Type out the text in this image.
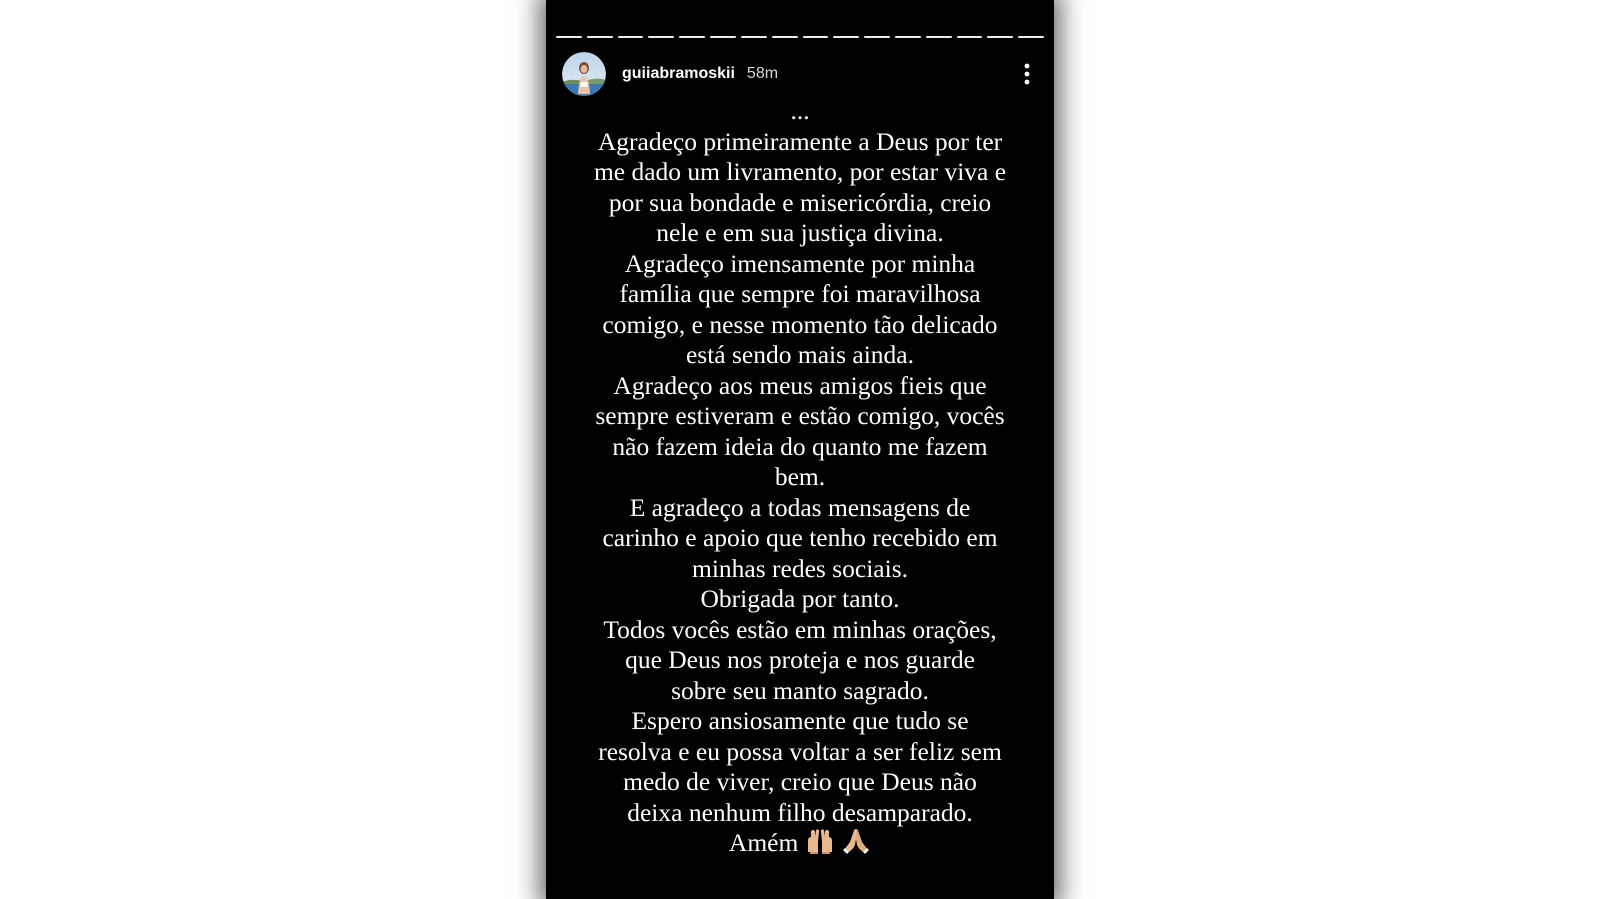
guiiabramoskii 58m
...
Agradeço primeiramente a Deus por ter
me dado um livramento, por estar viva e
por sua bondade e misericórdia, creio
nele e em sua justiça divina.
Agradeço imensamente por minha
família que sempre foi maravilhosa
comigo, e nesse momento tão delicado
está sendo mais ainda.
Agradeço aos meus amigos fieis que
sempre estiveram e estão comigo, vocês
não fazem ideia do quanto me fazem
bem.
E agradeço a todas mensagens de
carinho e apoio que tenho recebido em
minhas redes sociais.
Obrigada por tanto.
Todos vocês estão em minhas orações,
que Deus nos proteja e nos guarde
sobre seu manto sagrado.
Espero ansiosamente que tudo se
resolva e eu possa voltar a ser feliz sem
medo de viver, creio que Deus não
deixa nenhum filho desamparado.
Amém
